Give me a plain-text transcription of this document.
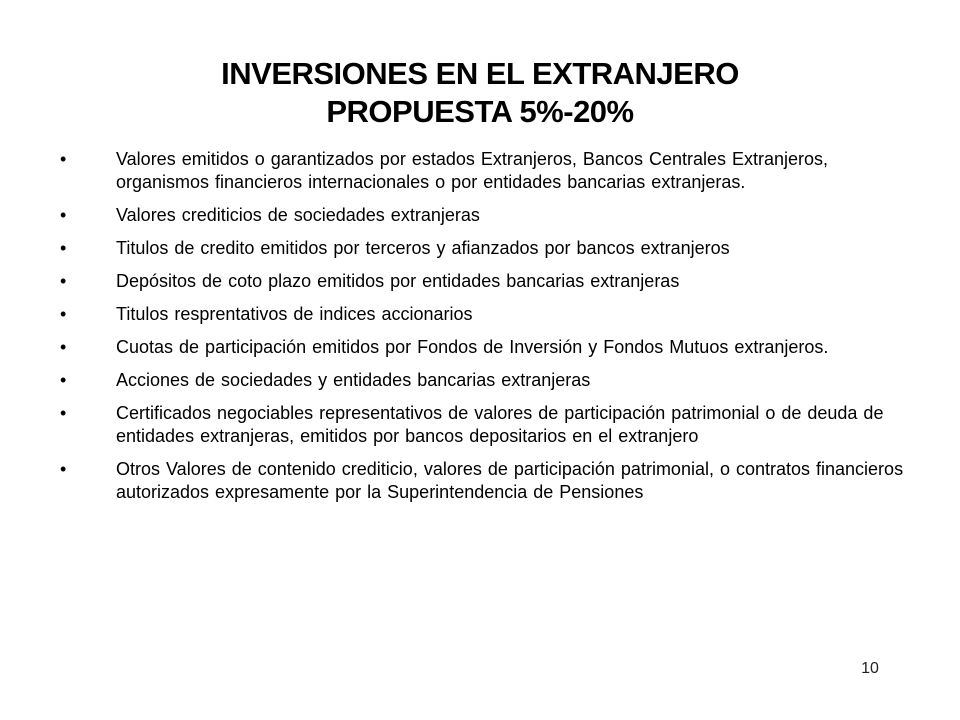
INVERSIONES EN EL EXTRANJERO
PROPUESTA 5%-20%
•	Valores emitidos o garantizados por estados Extranjeros, Bancos Centrales Extranjeros, organismos financieros internacionales o por entidades bancarias extranjeras.
•	Valores crediticios de sociedades extranjeras
•	Titulos de credito emitidos por terceros y afianzados por bancos extranjeros
•	Depósitos de coto plazo emitidos por entidades bancarias extranjeras
•	Titulos resprentativos de indices accionarios
•	Cuotas de participación emitidos por Fondos de Inversión y Fondos Mutuos extranjeros.
•	Acciones de sociedades y entidades bancarias extranjeras
•	Certificados negociables representativos de valores de participación patrimonial o de deuda de entidades extranjeras, emitidos por bancos depositarios en el extranjero
•	Otros Valores de contenido crediticio, valores de participación patrimonial, o contratos financieros autorizados expresamente por la Superintendencia de Pensiones
10
